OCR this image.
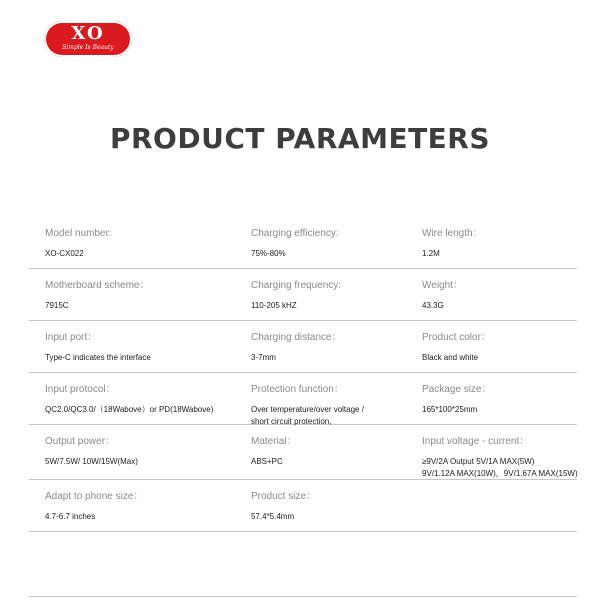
XO
Simple Is Beauty
PRODUCT PARAMETERS
Model number:
XO-CX022
Charging efficiency:
75%-80%
Wire length：
1.2M
Motherboard scheme：
7915C
Charging frequency:
110-205 kHZ
Weight：
43.3G
Input port：
Type-C indicates the interface
Charging distance：
3-7mm
Product color：
Black and white
Input protocol：
QC2.0/QC3.0/（18Wabove）or PD(18Wabove)
Protection function：
Over temperature/over voltage /
short circuit protection,
Package size：
165*100*25mm
Output power：
5W/7.5W/ 10W/15W(Max)
Material：
ABS+PC
Input voltage - current：
≥9V/2A Output 5V/1A MAX(5W)
9V/1.12A MAX(10W)，9V/1.67A MAX(15W)
Adapt to phone size：
4.7-6.7 inches
Product size：
57.4*5.4mm
